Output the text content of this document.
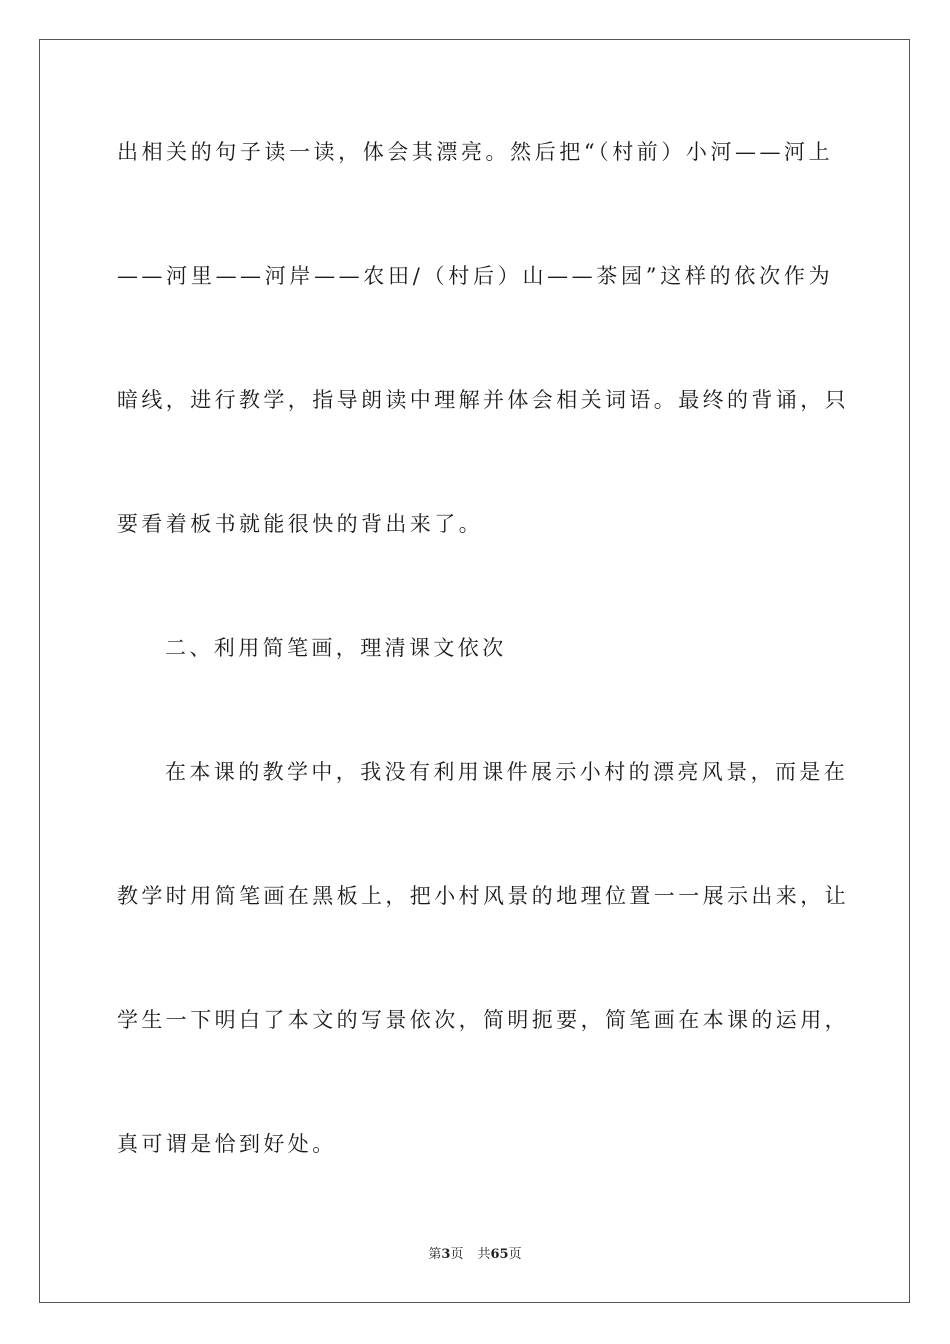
出相关的句子读一读，体会其漂亮。然后把“（村前）小河——河上
——河里——河岸——农田/（村后）山——茶园”这样的依次作为
暗线，进行教学，指导朗读中理解并体会相关词语。最终的背诵，只
要看着板书就能很快的背出来了。
二、利用简笔画，理清课文依次
在本课的教学中，我没有利用课件展示小村的漂亮风景，而是在
教学时用简笔画在黑板上，把小村风景的地理位置一一展示出来，让
学生一下明白了本文的写景依次，简明扼要，简笔画在本课的运用，
真可谓是恰到好处。
第3页 共65页
